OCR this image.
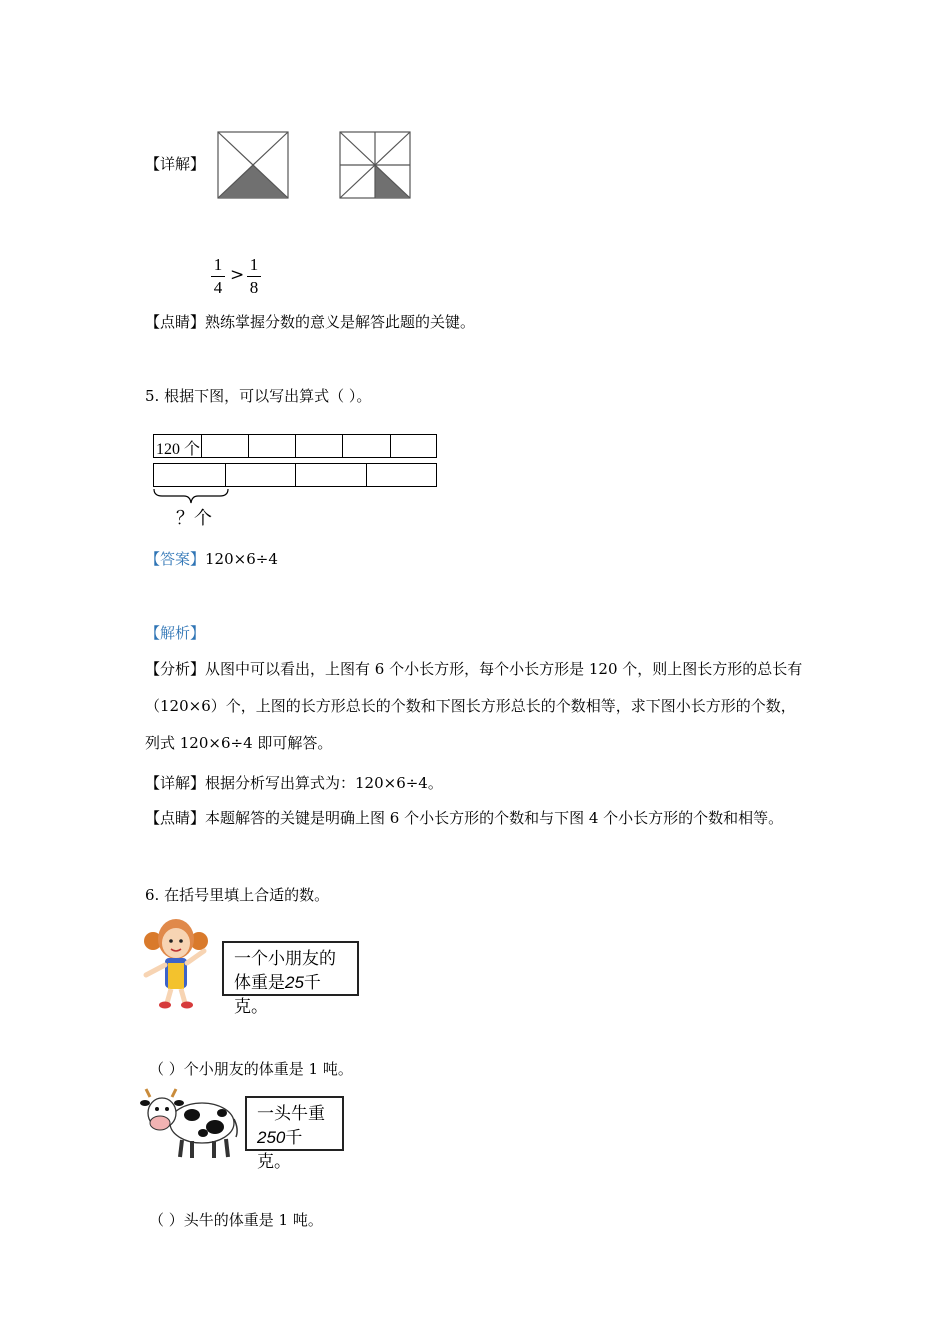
【详解】
1
4
>
1
8
【点睛】熟练掌握分数的意义是解答此题的关键。
5. 根据下图，可以写出算式（ ）。
120 个
？个
【答案】120×6÷4
【解析】
【分析】从图中可以看出，上图有 6 个小长方形，每个小长方形是 120 个，则上图长方形的总长有（120×6）个，上图的长方形总长的个数和下图长方形总长的个数相等，求下图小长方形的个数，列式 120×6÷4 即可解答。
【详解】根据分析写出算式为：120×6÷4。
【点睛】本题解答的关键是明确上图 6 个小长方形的个数和与下图 4 个小长方形的个数和相等。
6. 在括号里填上合适的数。
一个小朋友的
体重是25千克。
（ ）个小朋友的体重是 1 吨。
一头牛重
250千克。
（ ）头牛的体重是 1 吨。
